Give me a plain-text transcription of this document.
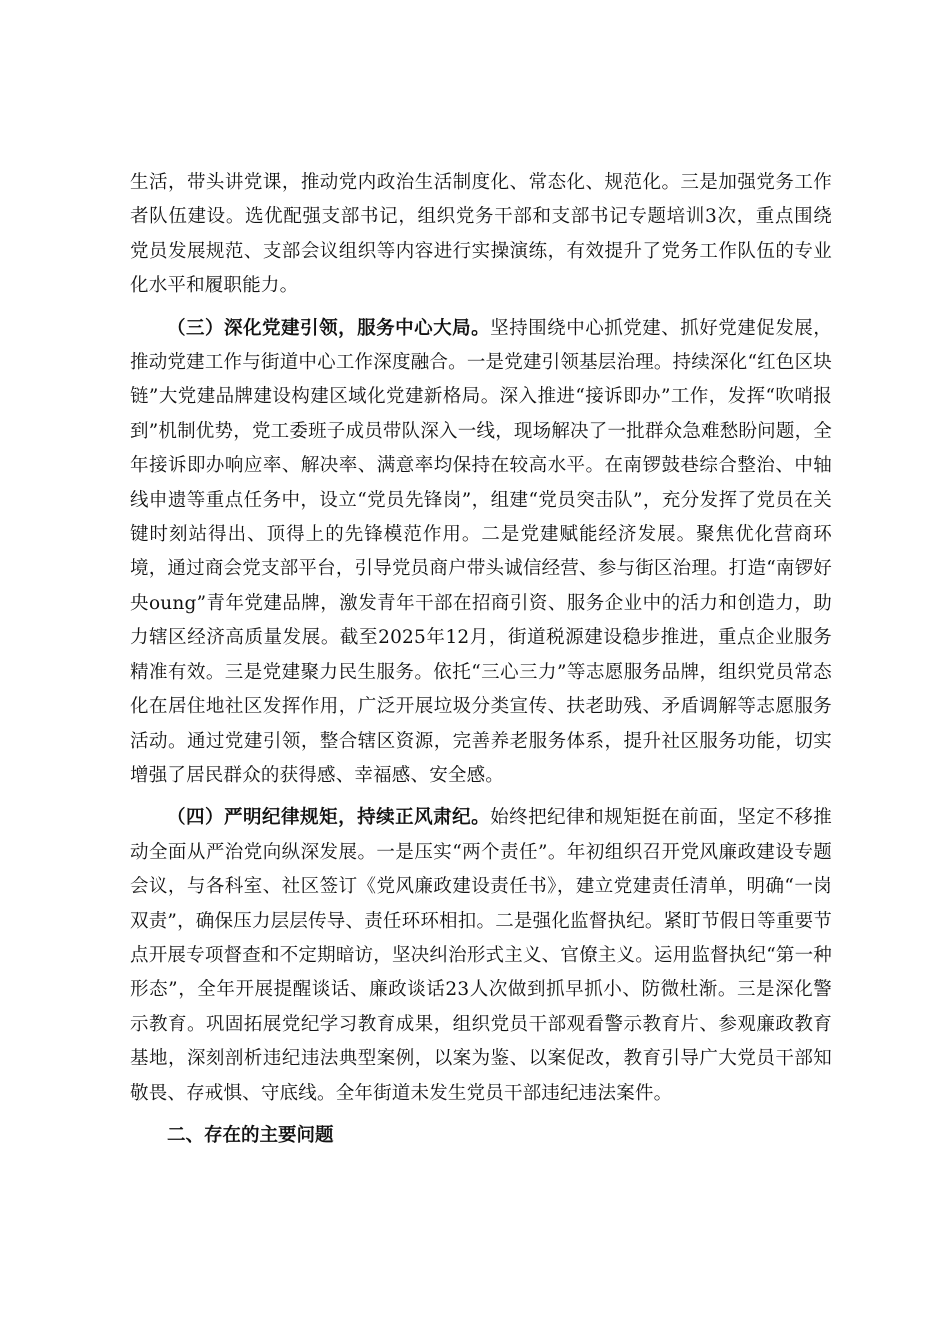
生活，带头讲党课，推动党内政治生活制度化、常态化、规范化。三是加强党务工作者队伍建设。选优配强支部书记，组织党务干部和支部书记专题培训3次，重点围绕党员发展规范、支部会议组织等内容进行实操演练，有效提升了党务工作队伍的专业化水平和履职能力。

（三）深化党建引领，服务中心大局。坚持围绕中心抓党建、抓好党建促发展，推动党建工作与街道中心工作深度融合。一是党建引领基层治理。持续深化“红色区块链”大党建品牌建设构建区域化党建新格局。深入推进“接诉即办”工作，发挥“吹哨报到”机制优势，党工委班子成员带队深入一线，现场解决了一批群众急难愁盼问题，全年接诉即办响应率、解决率、满意率均保持在较高水平。在南锣鼓巷综合整治、中轴线申遗等重点任务中，设立“党员先锋岗”，组建“党员突击队”，充分发挥了党员在关键时刻站得出、顶得上的先锋模范作用。二是党建赋能经济发展。聚焦优化营商环境，通过商会党支部平台，引导党员商户带头诚信经营、参与街区治理。打造“南锣好央oung”青年党建品牌，激发青年干部在招商引资、服务企业中的活力和创造力，助力辖区经济高质量发展。截至2025年12月，街道税源建设稳步推进，重点企业服务精准有效。三是党建聚力民生服务。依托“三心三力”等志愿服务品牌，组织党员常态化在居住地社区发挥作用，广泛开展垃圾分类宣传、扶老助残、矛盾调解等志愿服务活动。通过党建引领，整合辖区资源，完善养老服务体系，提升社区服务功能，切实增强了居民群众的获得感、幸福感、安全感。

（四）严明纪律规矩，持续正风肃纪。始终把纪律和规矩挺在前面，坚定不移推动全面从严治党向纵深发展。一是压实“两个责任”。年初组织召开党风廉政建设专题会议，与各科室、社区签订《党风廉政建设责任书》，建立党建责任清单，明确“一岗双责”，确保压力层层传导、责任环环相扣。二是强化监督执纪。紧盯节假日等重要节点开展专项督查和不定期暗访，坚决纠治形式主义、官僚主义。运用监督执纪“第一种形态”，全年开展提醒谈话、廉政谈话23人次做到抓早抓小、防微杜渐。三是深化警示教育。巩固拓展党纪学习教育成果，组织党员干部观看警示教育片、参观廉政教育基地，深刻剖析违纪违法典型案例，以案为鉴、以案促改，教育引导广大党员干部知敬畏、存戒惧、守底线。全年街道未发生党员干部违纪违法案件。

二、存在的主要问题
